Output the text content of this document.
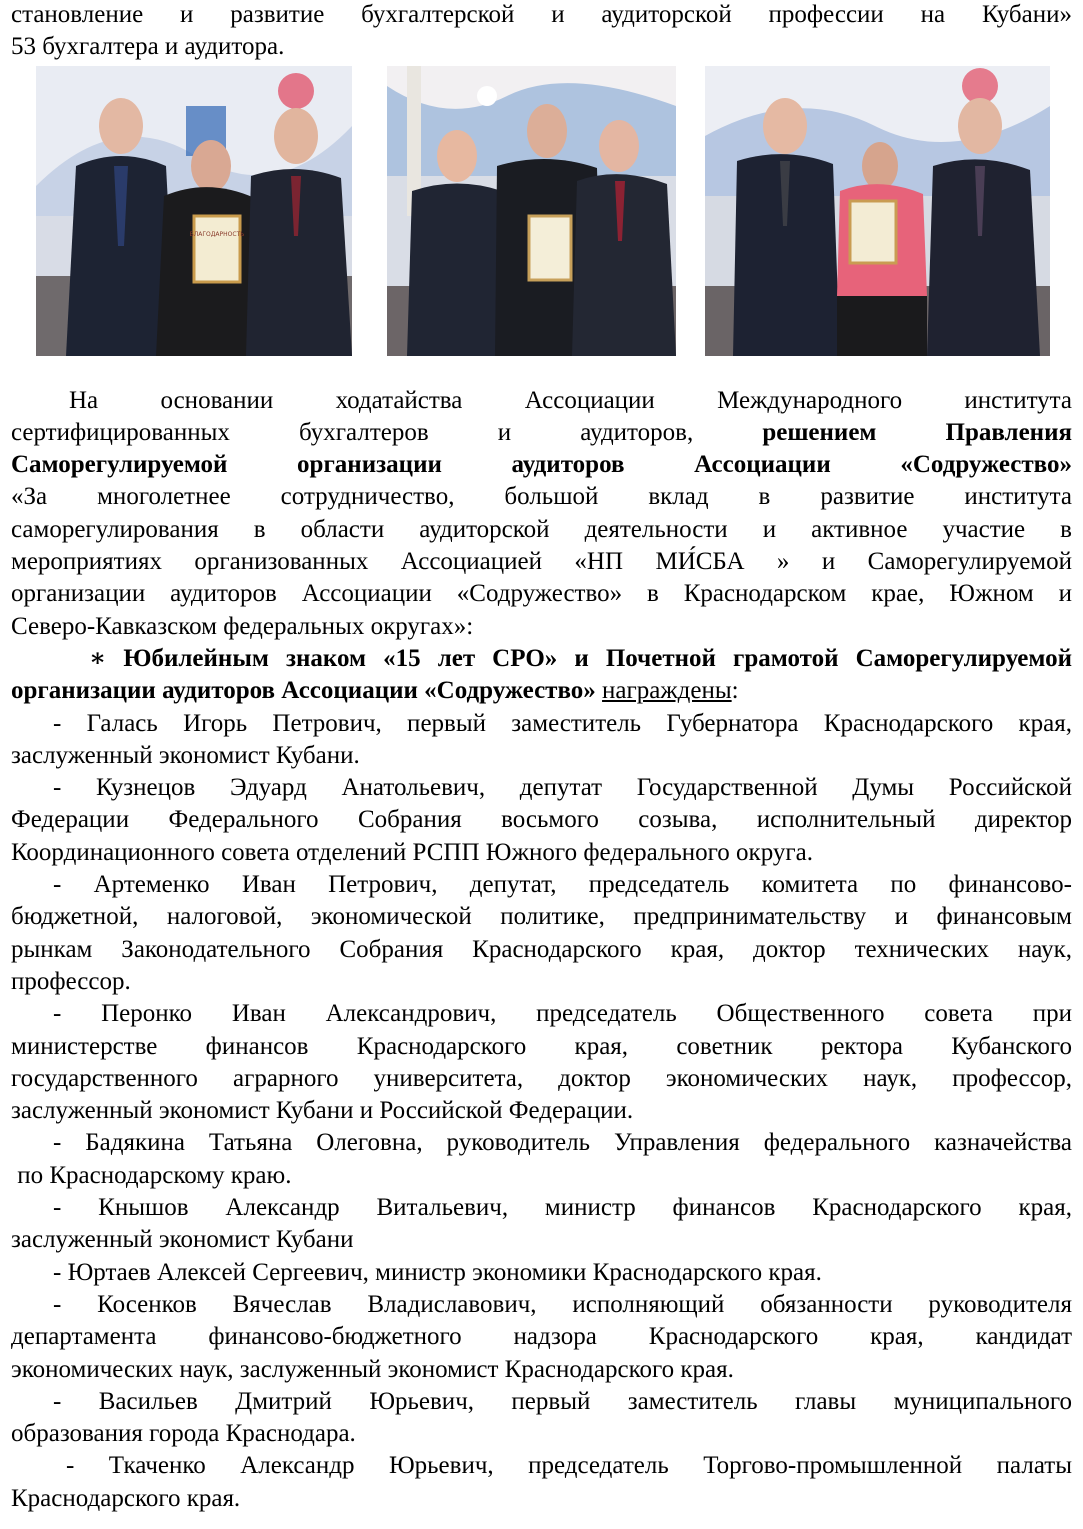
становление и развитие бухгалтерской и аудиторской профессии на Кубани»
53 бухгалтера и аудитора.
БЛАГОДАРНОСТЬ
На основании ходатайства Ассоциации Международного института
сертифицированных бухгалтеров и аудиторов,	решением Правления
Саморегулируемой организации аудиторов Ассоциации «Содружество»
«За многолетнее сотрудничество, большой вклад в развитие института
саморегулирования в области аудиторской деятельности и активное участие в
мероприятиях организованных Ассоциацией «НП МИ́СБА » и Саморегулируемой
организации аудиторов Ассоциации «Содружество» в Краснодарском крае, Южном и
Северо-Кавказском федеральных округах»:
∗ Юбилейным знаком «15 лет СРО» и Почетной грамотой Саморегулируемой
организации аудиторов Ассоциации «Содружество» награждены:
- Галась Игорь Петрович, первый заместитель Губернатора Краснодарского края,
заслуженный экономист Кубани.
- Кузнецов Эдуард Анатольевич, депутат Государственной Думы Российской
Федерации Федерального Собрания восьмого созыва, исполнительный директор
Координационного совета отделений РСПП Южного федерального округа.
- Артеменко Иван Петрович, депутат, председатель комитета по финансово-
бюджетной, налоговой, экономической политике, предпринимательству и финансовым
рынкам Законодательного Собрания Краснодарского края, доктор технических наук,
профессор.
- Перонко Иван Александрович, председатель Общественного совета при
министерстве финансов Краснодарского края, советник ректора Кубанского
государственного аграрного университета, доктор экономических наук, профессор,
заслуженный экономист Кубани и Российской Федерации.
- Бадякина Татьяна Олеговна, руководитель Управления федерального казначейства
по Краснодарскому краю.
- Кнышов Александр Витальевич, министр финансов Краснодарского края,
заслуженный экономист Кубани
- Юртаев Алексей Сергеевич, министр экономики Краснодарского края.
- Косенков Вячеслав Владиславович, исполняющий обязанности руководителя
департамента финансово-бюджетного надзора Краснодарского края, кандидат
экономических наук, заслуженный экономист Краснодарского края.
- Васильев Дмитрий Юрьевич, первый заместитель главы муниципального
образования города Краснодара.
- Ткаченко Александр Юрьевич, председатель Торгово-промышленной палаты
Краснодарского края.
